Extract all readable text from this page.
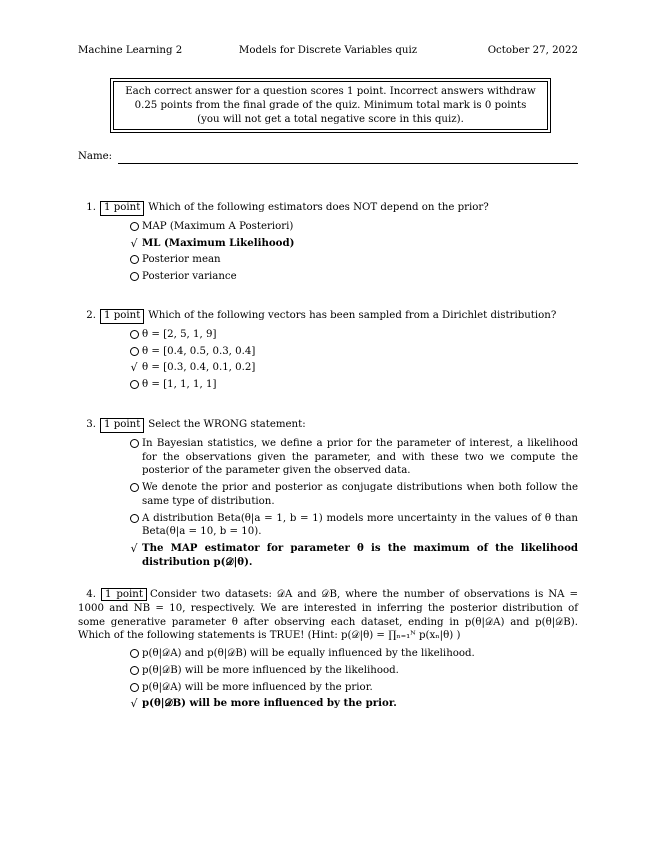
Machine Learning 2	Models for Discrete Variables quiz	October 27, 2022
Each correct answer for a question scores 1 point. Incorrect answers withdraw 0.25 points from the final grade of the quiz. Minimum total mark is 0 points (you will not get a total negative score in this quiz).
Name:
1. 1 point Which of the following estimators does NOT depend on the prior?
MAP (Maximum A Posteriori)
√ ML (Maximum Likelihood)
Posterior mean
Posterior variance
2. 1 point Which of the following vectors has been sampled from a Dirichlet distribution?
θ = [2, 5, 1, 9]
θ = [0.4, 0.5, 0.3, 0.4]
√ θ = [0.3, 0.4, 0.1, 0.2]
θ = [1, 1, 1, 1]
3. 1 point Select the WRONG statement:
In Bayesian statistics, we define a prior for the parameter of interest, a likelihood for the observations given the parameter, and with these two we compute the posterior of the parameter given the observed data.
We denote the prior and posterior as conjugate distributions when both follow the same type of distribution.
A distribution Beta(θ|a = 1, b = 1) models more uncertainty in the values of θ than Beta(θ|a = 10, b = 10).
√ The MAP estimator for parameter θ is the maximum of the likelihood distribution p(𝒟|θ).
4. 1 point Consider two datasets: 𝒟A and 𝒟B, where the number of observations is NA = 1000 and NB = 10, respectively. We are interested in inferring the posterior distribution of some generative parameter θ after observing each dataset, ending in p(θ|𝒟A) and p(θ|𝒟B). Which of the following statements is TRUE! (Hint: p(𝒟|θ) = ∏ₙ₌₁ᴺ p(xₙ|θ) )
p(θ|𝒟A) and p(θ|𝒟B) will be equally influenced by the likelihood.
p(θ|𝒟B) will be more influenced by the likelihood.
p(θ|𝒟A) will be more influenced by the prior.
√ p(θ|𝒟B) will be more influenced by the prior.
